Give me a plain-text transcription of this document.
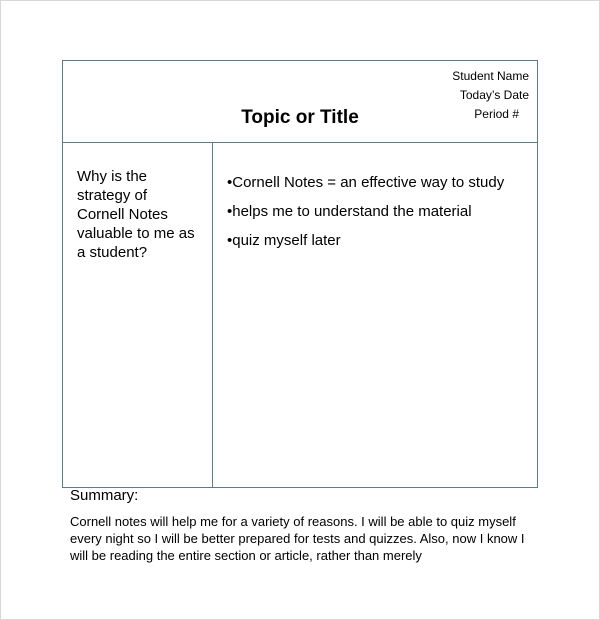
Student Name
Today’s Date
Period #
Topic or Title
Why is the strategy of Cornell Notes valuable to me as a student?
•Cornell Notes = an effective way to study
•helps me to understand the material
•quiz myself later
Summary:
Cornell notes will help me for a variety of reasons. I will be able to quiz myself every night so I will be better prepared for tests and quizzes. Also, now I know I will be reading the entire section or article, rather than merely
